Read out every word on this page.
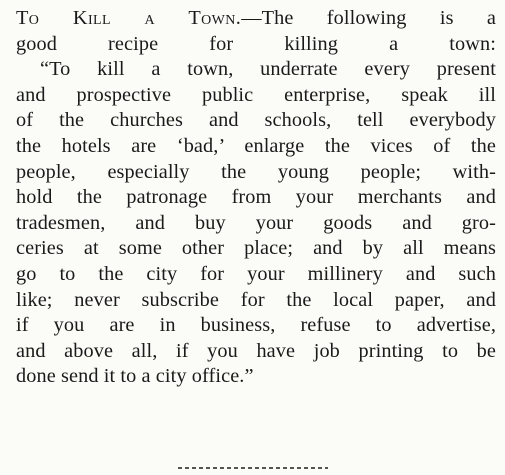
To Kill a Town.—The following is a
good recipe for killing a town:
“To kill a town, underrate every present
and prospective public enterprise, speak ill
of the churches and schools, tell everybody
the hotels are ‘bad,’ enlarge the vices of the
people, especially the young people; with-
hold the patronage from your merchants and
tradesmen, and buy your goods and gro-
ceries at some other place; and by all means
go to the city for your millinery and such
like; never subscribe for the local paper, and
if you are in business, refuse to advertise,
and above all, if you have job printing to be
done send it to a city office.”
